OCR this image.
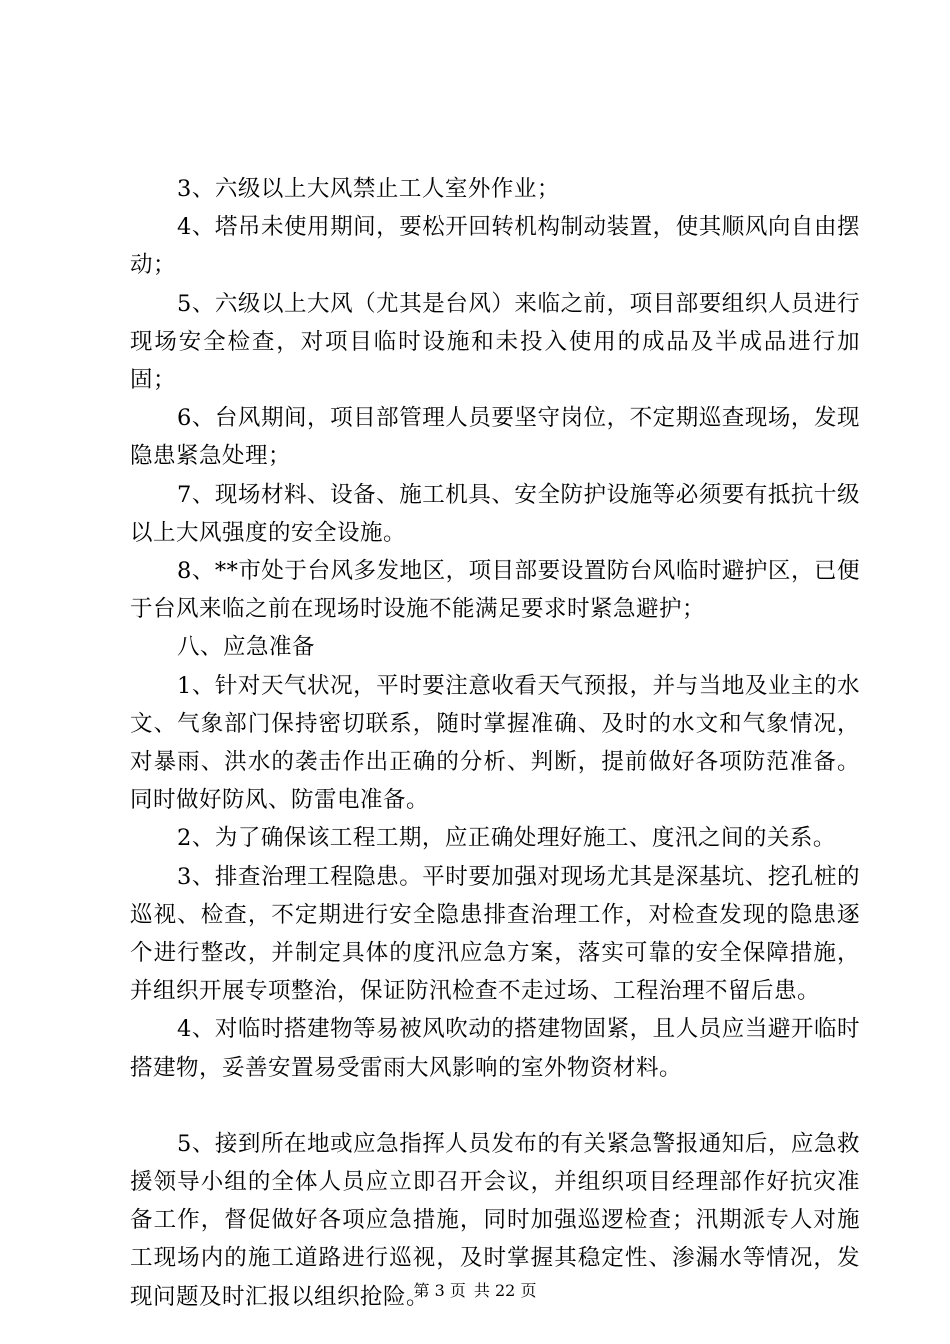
3、六级以上大风禁止工人室外作业；

4、塔吊未使用期间，要松开回转机构制动装置，使其顺风向自由摆动；

5、六级以上大风（尤其是台风）来临之前，项目部要组织人员进行现场安全检查，对项目临时设施和未投入使用的成品及半成品进行加固；

6、台风期间，项目部管理人员要坚守岗位，不定期巡查现场，发现隐患紧急处理；

7、现场材料、设备、施工机具、安全防护设施等必须要有抵抗十级以上大风强度的安全设施。

8、**市处于台风多发地区，项目部要设置防台风临时避护区，已便于台风来临之前在现场时设施不能满足要求时紧急避护；

八、应急准备

1、针对天气状况，平时要注意收看天气预报，并与当地及业主的水文、气象部门保持密切联系，随时掌握准确、及时的水文和气象情况，对暴雨、洪水的袭击作出正确的分析、判断，提前做好各项防范准备。同时做好防风、防雷电准备。

2、为了确保该工程工期，应正确处理好施工、度汛之间的关系。

3、排查治理工程隐患。平时要加强对现场尤其是深基坑、挖孔桩的巡视、检查，不定期进行安全隐患排查治理工作，对检查发现的隐患逐个进行整改，并制定具体的度汛应急方案，落实可靠的安全保障措施，并组织开展专项整治，保证防汛检查不走过场、工程治理不留后患。

4、对临时搭建物等易被风吹动的搭建物固紧，且人员应当避开临时搭建物，妥善安置易受雷雨大风影响的室外物资材料。

5、接到所在地或应急指挥人员发布的有关紧急警报通知后，应急救援领导小组的全体人员应立即召开会议，并组织项目经理部作好抗灾准备工作，督促做好各项应急措施，同时加强巡逻检查；汛期派专人对施工现场内的施工道路进行巡视，及时掌握其稳定性、渗漏水等情况，发现问题及时汇报以组织抢险。

第 3 页 共 22 页
